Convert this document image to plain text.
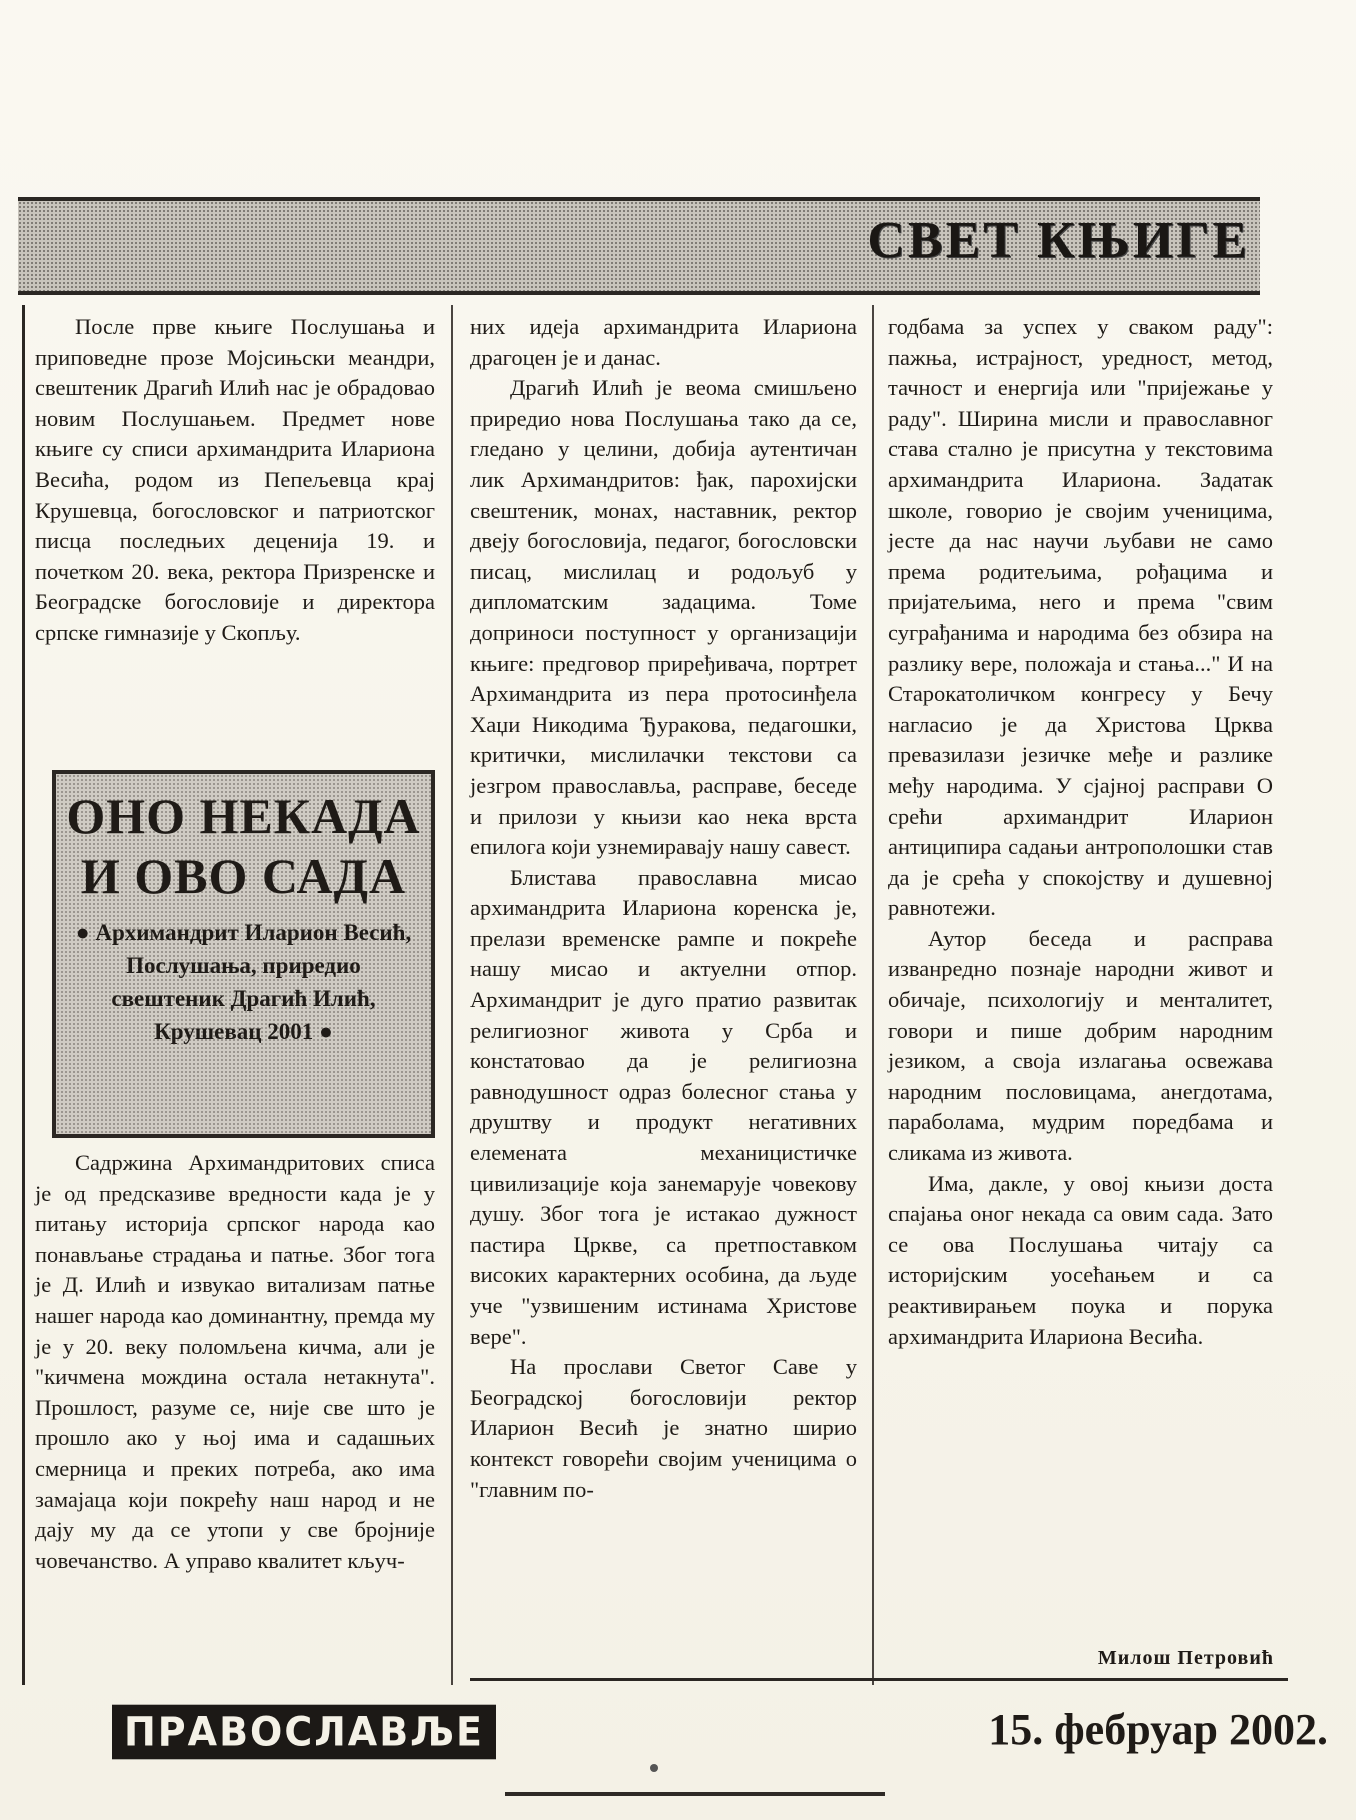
СВЕТ КЊИГЕ

После прве књиге Послушања и приповедне прозе Мојсињски меандри, свештеник Драгић Илић нас је обрадовао новим Послушањем. Предмет нове књиге су списи архимандрита Илариона Весића, родом из Пепељевца крај Крушевца, богословског и патриотског писца последњих деценија 19. и почетком 20. века, ректора Призренске и Београдске богословије и директора српске гимназије у Скопљу.

ОНО НЕКАДА И ОВО САДА
● Архимандрит Иларион Весић, Послушања, приредио свештеник Драгић Илић, Крушевац 2001 ●

Садржина Архимандритових списа је од предсказиве вредности када је у питању историја српског народа као понављање страдања и патње. Због тога је Д. Илић и извукао витализам патње нашег народа као доминантну, премда му је у 20. веку поломљена кичма, али је "кичмена мождина остала нетакнута". Прошлост, разуме се, није све што је прошло ако у њој има и садашњих смерница и преких потреба, ако има замајаца који покрећу наш народ и не дају му да се утопи у све бројније човечанство. А управо квалитет кључ-

них идеја архимандрита Илариона драгоцен је и данас.

Драгић Илић је веома смишљено приредио нова Послушања тако да се, гледано у целини, добија аутентичан лик Архимандритов: ђак, парохијски свештеник, монах, наставник, ректор двеју богословија, педагог, богословски писац, мислилац и родољуб у дипломатским задацима. Томе доприноси поступност у организацији књиге: предговор приређивача, портрет Архимандрита из пера протосинђела Хаџи Никодима Ђуракова, педагошки, критички, мислилачки текстови са језгром православља, расправе, беседе и прилози у књизи као нека врста епилога који узнемиравају нашу савест.

Блистава православна мисао архимандрита Илариона коренска је, прелази временске рампе и покреће нашу мисао и актуелни отпор. Архимандрит је дуго пратио развитак религиозног живота у Срба и констатовао да је религиозна равнодушност одраз болесног стања у друштву и продукт негативних елемената механицистичке цивилизације која занемарује човекову душу. Због тога је истакао дужност пастира Цркве, са претпоставком високих карактерних особина, да људе уче "узвишеним истинама Христове вере".

На прослави Светог Саве у Београдској богословији ректор Иларион Весић је знатно ширио контекст говорећи својим ученицима о "главним по-

годбама за успех у сваком раду": пажња, истрајност, уредност, метод, тачност и енергија или "пријежање у раду". Ширина мисли и православног става стално је присутна у текстовима архимандрита Илариона. Задатак школе, говорио је својим ученицима, јесте да нас научи љубави не само према родитељима, рођацима и пријатељима, него и према "свим суграђанима и народима без обзира на разлику вере, положаја и стања..." И на Старокатоличком конгресу у Бечу нагласио је да Христова Црква превазилази језичке међе и разлике међу народима. У сјајној расправи О срећи архимандрит Иларион антиципира садањи антрополошки став да је срећа у спокојству и душевној равнотежи.

Аутор беседа и расправа изванредно познаје народни живот и обичаје, психологију и менталитет, говори и пише добрим народним језиком, а своја излагања освежава народним пословицама, анегдотама, параболама, мудрим поредбама и сликама из живота.

Има, дакле, у овој књизи доста спајања оног некада са овим сада. Зато се ова Послушања читају са историјским уосећањем и са реактивирањем поука и порука архимандрита Илариона Весића.

Милош Петровић
ПРАВОСЛАВЉЕ	15. фебруар 2002.
